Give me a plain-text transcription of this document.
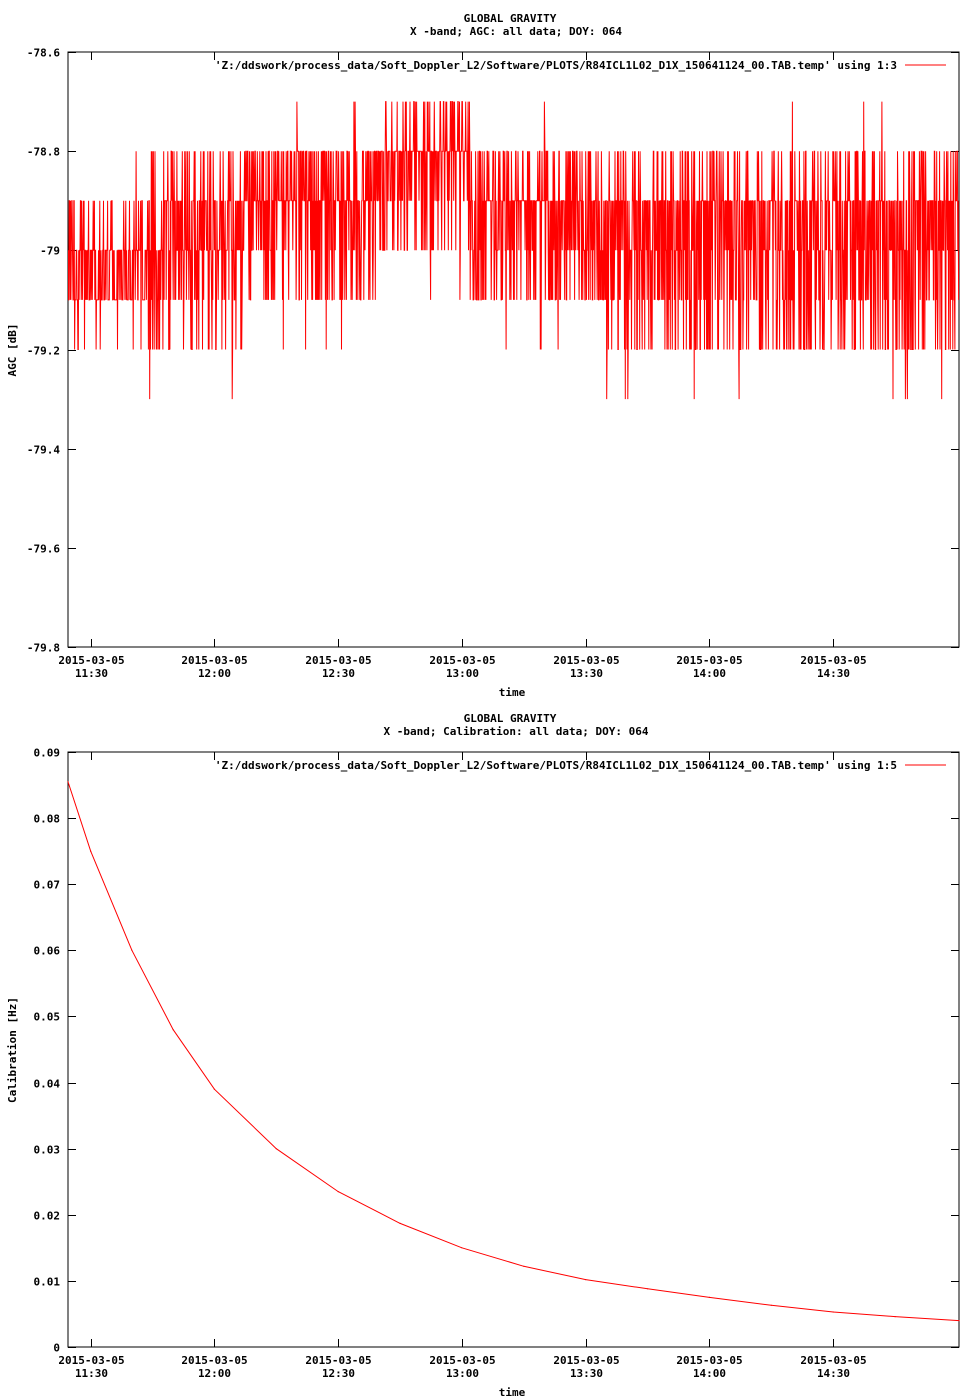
GLOBAL GRAVITY
X -band; AGC: all data; DOY: 064
AGC [dB]
time
'Z:/ddswork/process_data/Soft_Doppler_L2/Software/PLOTS/R84ICL1L02_D1X_150641124_00.TAB.temp' using 1:3
-78.6
-78.8
-79
-79.2
-79.4
-79.6
-79.8
2015-03-05
11:30
2015-03-05
12:00
2015-03-05
12:30
2015-03-05
13:00
2015-03-05
13:30
2015-03-05
14:00
2015-03-05
14:30
GLOBAL GRAVITY
X -band; Calibration: all data; DOY: 064
Calibration [Hz]
time
'Z:/ddswork/process_data/Soft_Doppler_L2/Software/PLOTS/R84ICL1L02_D1X_150641124_00.TAB.temp' using 1:5
0.09
0.08
0.07
0.06
0.05
0.04
0.03
0.02
0.01
0
2015-03-05
11:30
2015-03-05
12:00
2015-03-05
12:30
2015-03-05
13:00
2015-03-05
13:30
2015-03-05
14:00
2015-03-05
14:30
